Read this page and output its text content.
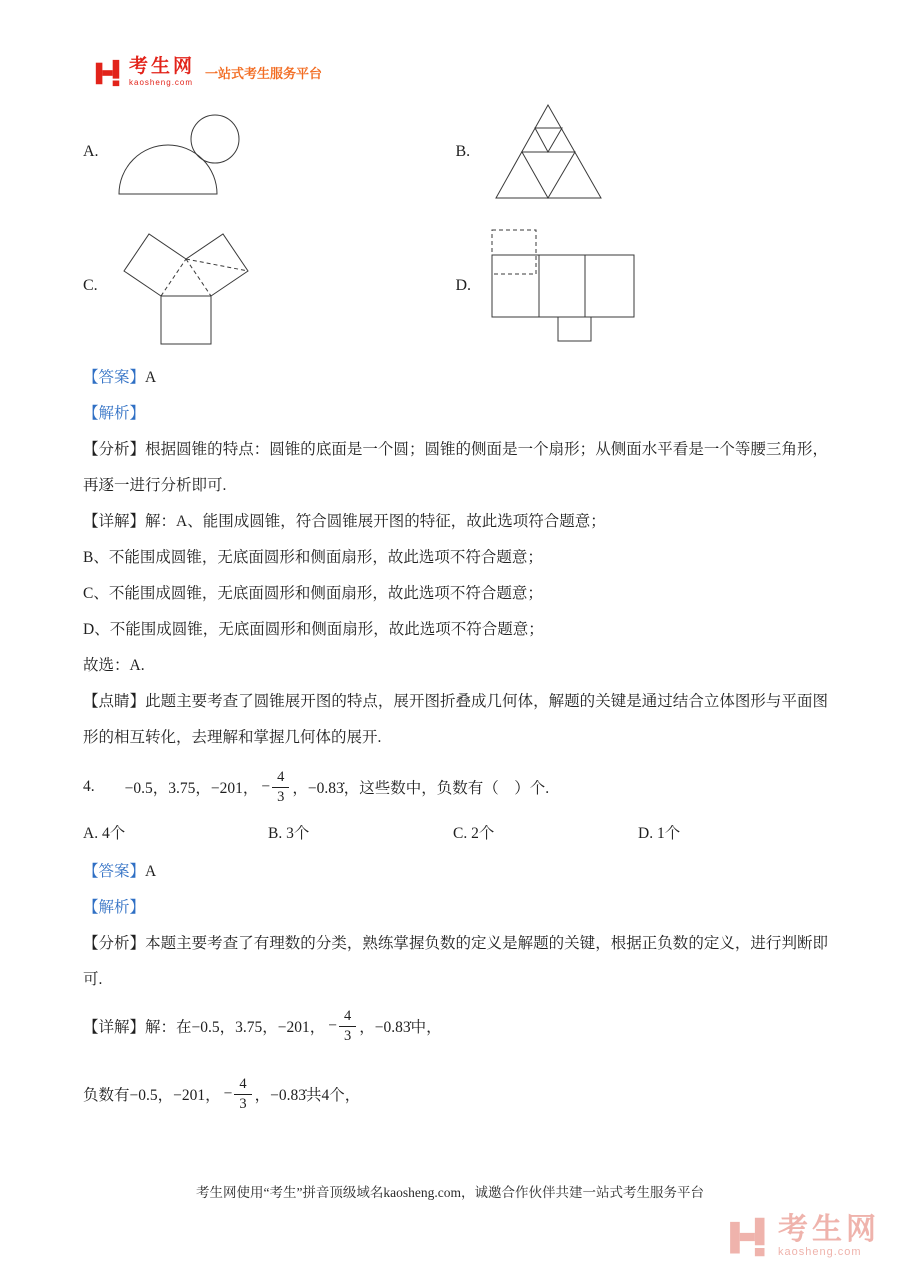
考生网
kaosheng.com
一站式考生服务平台
A.	B.
C.	D.

【答案】A

【解析】

【分析】根据圆锥的特点：圆锥的底面是一个圆；圆锥的侧面是一个扇形；从侧面水平看是一个等腰三角形，再逐一进行分析即可.

【详解】解：A、能围成圆锥，符合圆锥展开图的特征，故此选项符合题意；

B、不能围成圆锥，无底面圆形和侧面扇形，故此选项不符合题意；

C、不能围成圆锥，无底面圆形和侧面扇形，故此选项不符合题意；

D、不能围成圆锥，无底面圆形和侧面扇形，故此选项不符合题意；

故选：A.

【点睛】此题主要考查了圆锥展开图的特点，展开图折叠成几何体，解题的关键是通过结合立体图形与平面图形的相互转化，去理解和掌握几何体的展开.

4. −0.5，3.75，−201， − $\frac{4}{3}$ ，−0.83̇，这些数中，负数有（　）个.
A. 4个	B. 3个	C. 2个	D. 1个

【答案】A

【解析】

【分析】本题主要考查了有理数的分类，熟练掌握负数的定义是解题的关键，根据正负数的定义，进行判断即可.

【详解】解：在−0.5，3.75，−201， − $\frac{4}{3}$ ，−0.83̇中，
负数有−0.5，−201， − $\frac{4}{3}$ ，−0.83̇共4个，
考生网使用“考生”拼音顶级域名kaosheng.com，诚邀合作伙伴共建一站式考生服务平台
考生网
kaosheng.com
